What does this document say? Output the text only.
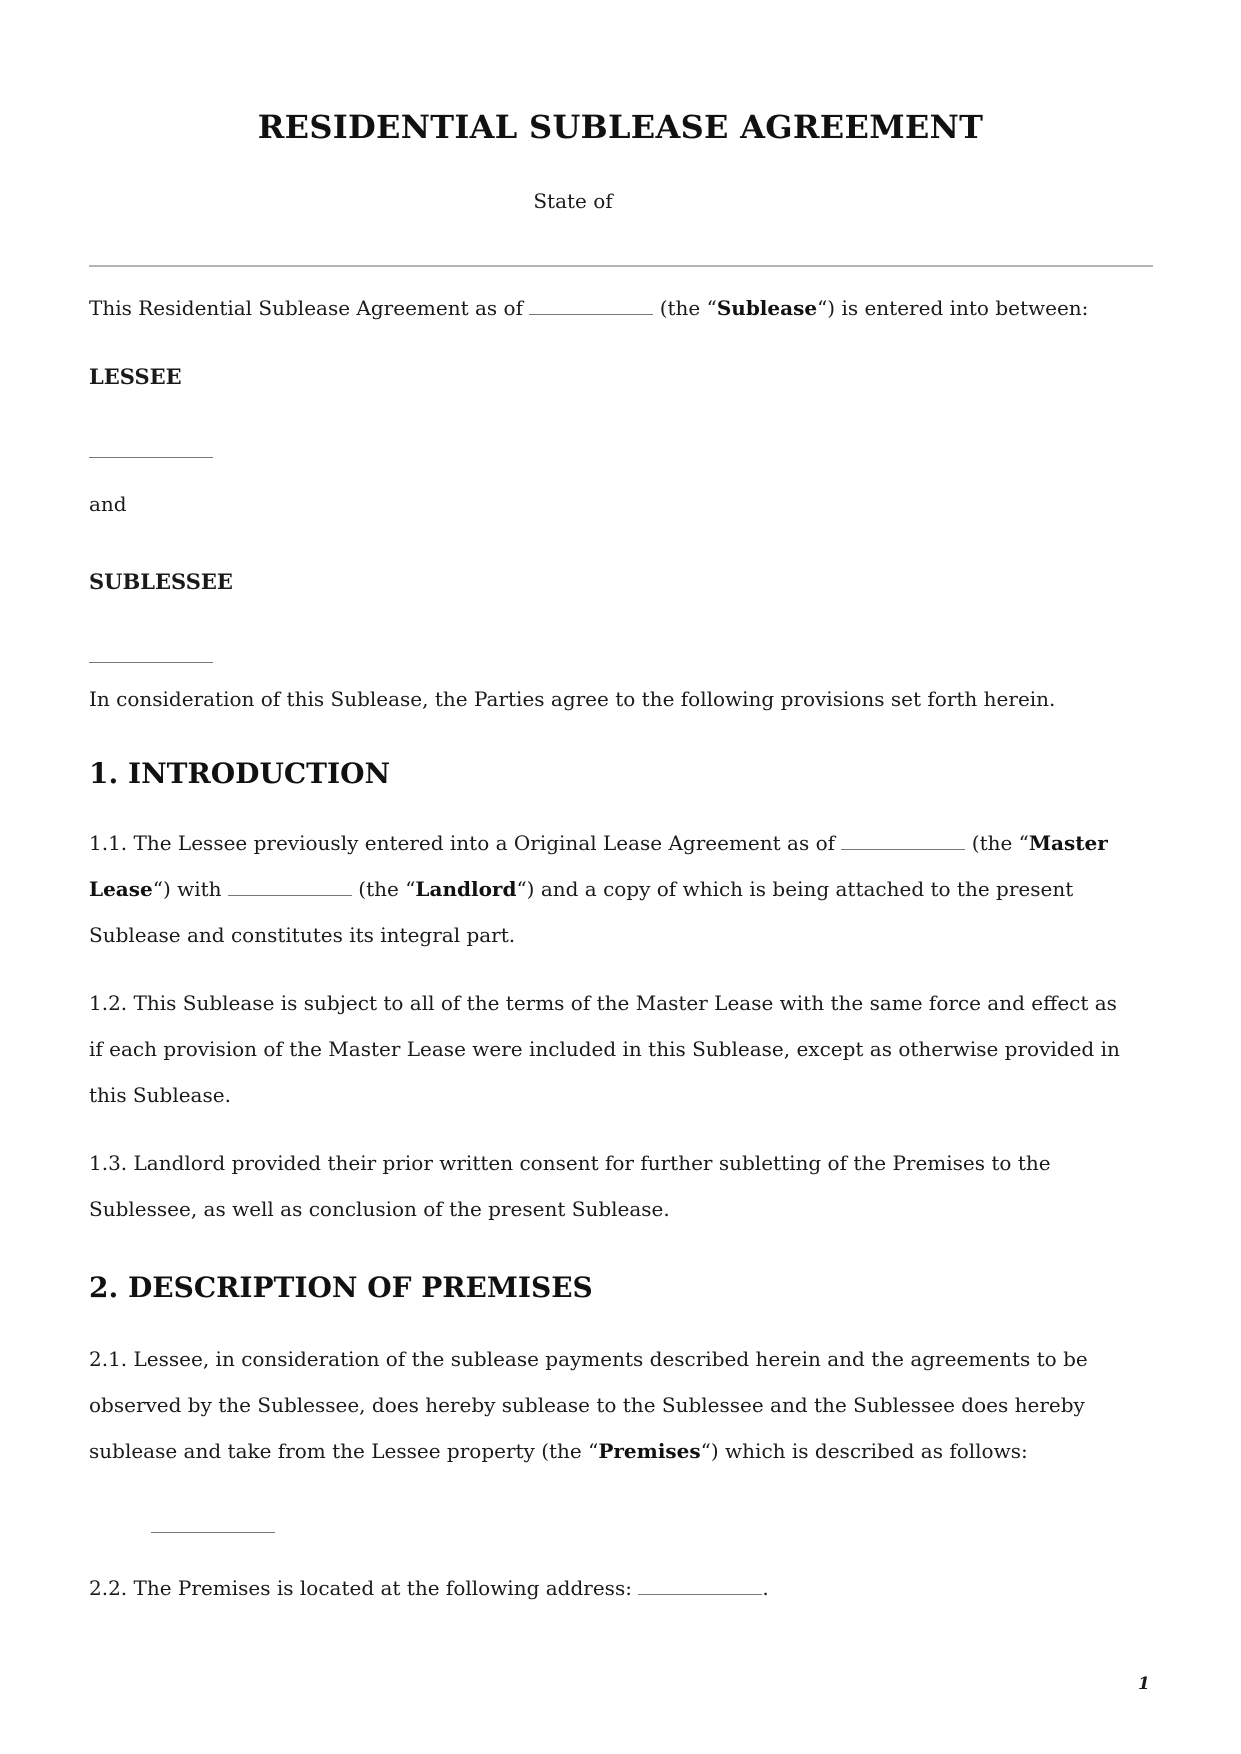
RESIDENTIAL SUBLEASE AGREEMENT
State of
This Residential Sublease Agreement as of	(the “Sublease“) is entered into between:
LESSEE
and
SUBLESSEE
In consideration of this Sublease, the Parties agree to the following provisions set forth herein.
1. INTRODUCTION
1.1. The Lessee previously entered into a Original Lease Agreement as of	(the “Master
Lease“) with	(the “Landlord“) and a copy of which is being attached to the present
Sublease and constitutes its integral part.
1.2. This Sublease is subject to all of the terms of the Master Lease with the same force and effect as
if each provision of the Master Lease were included in this Sublease, except as otherwise provided in
this Sublease.
1.3. Landlord provided their prior written consent for further subletting of the Premises to the
Sublessee, as well as conclusion of the present Sublease.
2. DESCRIPTION OF PREMISES
2.1. Lessee, in consideration of the sublease payments described herein and the agreements to be
observed by the Sublessee, does hereby sublease to the Sublessee and the Sublessee does hereby
sublease and take from the Lessee property (the “Premises“) which is described as follows:
2.2. The Premises is located at the following address:	.
1
